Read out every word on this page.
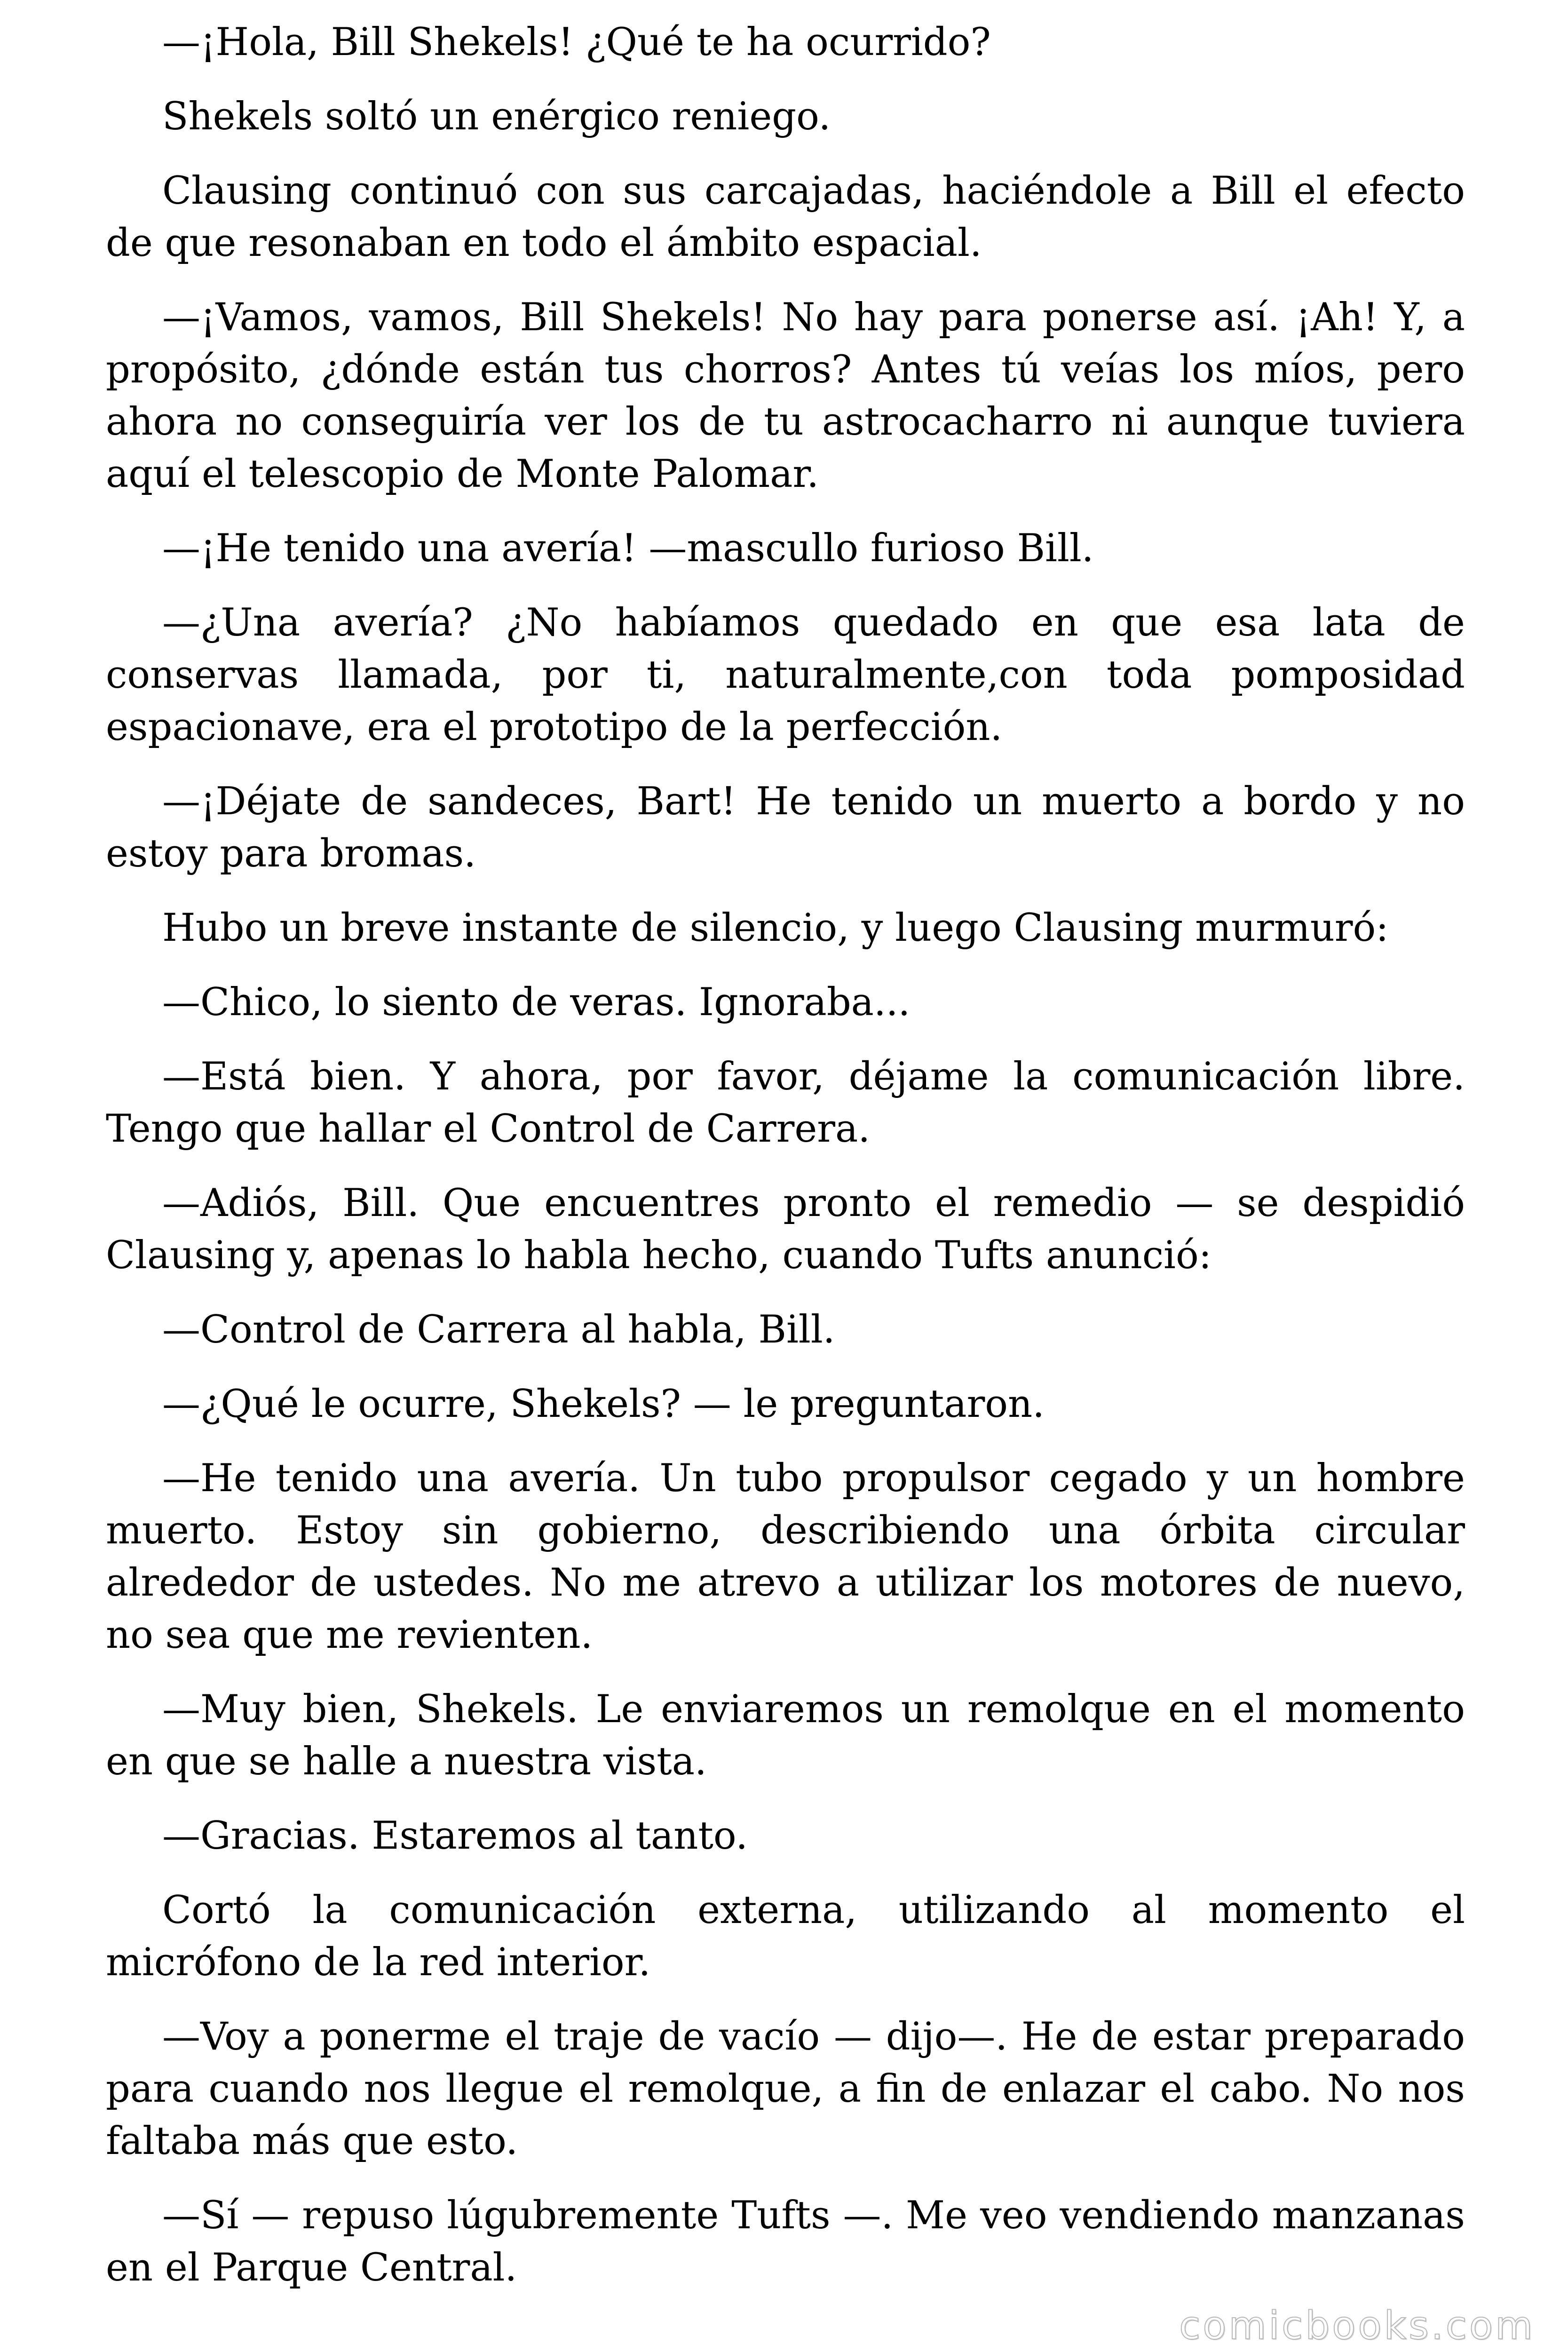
—¡Hola, Bill Shekels! ¿Qué te ha ocurrido?

Shekels soltó un enérgico reniego.

Clausing continuó con sus carcajadas, haciéndole a Bill el efecto de que resonaban en todo el ámbito espacial.

—¡Vamos, vamos, Bill Shekels! No hay para ponerse así. ¡Ah! Y, a propósito, ¿dónde están tus chorros? Antes tú veías los míos, pero ahora no conseguiría ver los de tu astrocacharro ni aunque tuviera aquí el telescopio de Monte Palomar.

—¡He tenido una avería! —mascullo furioso Bill.

—¿Una avería? ¿No habíamos quedado en que esa lata de conservas llamada, por ti, naturalmente,con toda pomposidad espacionave, era el prototipo de la perfección.

—¡Déjate de sandeces, Bart! He tenido un muerto a bordo y no estoy para bromas.

Hubo un breve instante de silencio, y luego Clausing murmuró:

—Chico, lo siento de veras. Ignoraba...

—Está bien. Y ahora, por favor, déjame la comunicación libre. Tengo que hallar el Control de Carrera.

—Adiós, Bill. Que encuentres pronto el remedio — se despidió Clausing y, apenas lo habla hecho, cuando Tufts anunció:

—Control de Carrera al habla, Bill.

—¿Qué le ocurre, Shekels? — le preguntaron.

—He tenido una avería. Un tubo propulsor cegado y un hombre muerto. Estoy sin gobierno, describiendo una órbita circular alrededor de ustedes. No me atrevo a utilizar los motores de nuevo, no sea que me revienten.

—Muy bien, Shekels. Le enviaremos un remolque en el momento en que se halle a nuestra vista.

—Gracias. Estaremos al tanto.

Cortó la comunicación externa, utilizando al momento el micrófono de la red interior.

—Voy a ponerme el traje de vacío — dijo—. He de estar preparado para cuando nos llegue el remolque, a fin de enlazar el cabo. No nos faltaba más que esto.

—Sí — repuso lúgubremente Tufts —. Me veo vendiendo manzanas en el Parque Central.

comicbooks.com
